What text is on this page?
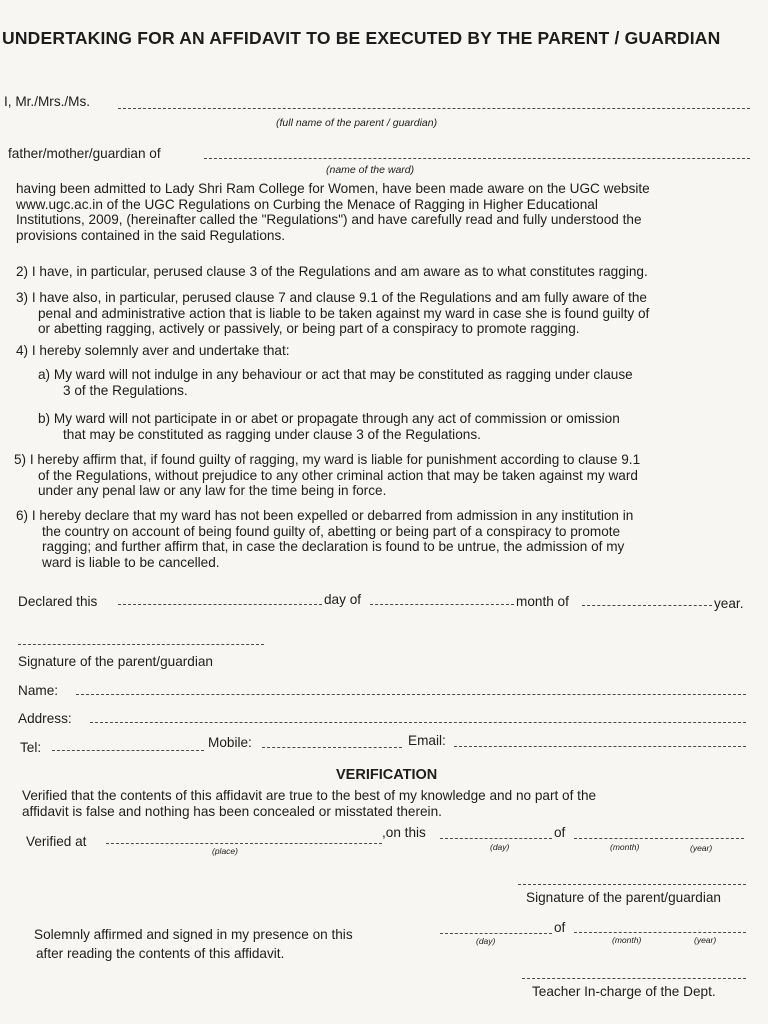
UNDERTAKING FOR AN AFFIDAVIT TO BE EXECUTED BY THE PARENT / GUARDIAN
I, Mr./Mrs./Ms.
(full name of the parent / guardian)
father/mother/guardian of
(name of the ward)
having been admitted to Lady Shri Ram College for Women, have been made aware on the UGC website
www.ugc.ac.in of the UGC Regulations on Curbing the Menace of Ragging in Higher Educational
Institutions, 2009, (hereinafter called the "Regulations") and have carefully read and fully understood the
provisions contained in the said Regulations.
2) I have, in particular, perused clause 3 of the Regulations and am aware as to what constitutes ragging.
3) I have also, in particular, perused clause 7 and clause 9.1 of the Regulations and am fully aware of the
penal and administrative action that is liable to be taken against my ward in case she is found guilty of
or abetting ragging, actively or passively, or being part of a conspiracy to promote ragging.
4) I hereby solemnly aver and undertake that:
a) My ward will not indulge in any behaviour or act that may be constituted as ragging under clause
3 of the Regulations.
b) My ward will not participate in or abet or propagate through any act of commission or omission
that may be constituted as ragging under clause 3 of the Regulations.
5) I hereby affirm that, if found guilty of ragging, my ward is liable for punishment according to clause 9.1
of the Regulations, without prejudice to any other criminal action that may be taken against my ward
under any penal law or any law for the time being in force.
6) I hereby declare that my ward has not been expelled or debarred from admission in any institution in
the country on account of being found guilty of, abetting or being part of a conspiracy to promote
ragging; and further affirm that, in case the declaration is found to be untrue, the admission of my
ward is liable to be cancelled.
Declared this	day of	month of	year.
Signature of the parent/guardian
Name:
Address:
Tel:	Mobile:	Email:
VERIFICATION
Verified that the contents of this affidavit are true to the best of my knowledge and no part of the
affidavit is false and nothing has been concealed or misstated therein.
Verified at
(place)
,on this
(day)
of
(month)	(year)
Signature of the parent/guardian
Solemnly affirmed and signed in my presence on this	(day)
of
(month)	(year)
after reading the contents of this affidavit.
Teacher In-charge of the Dept.
